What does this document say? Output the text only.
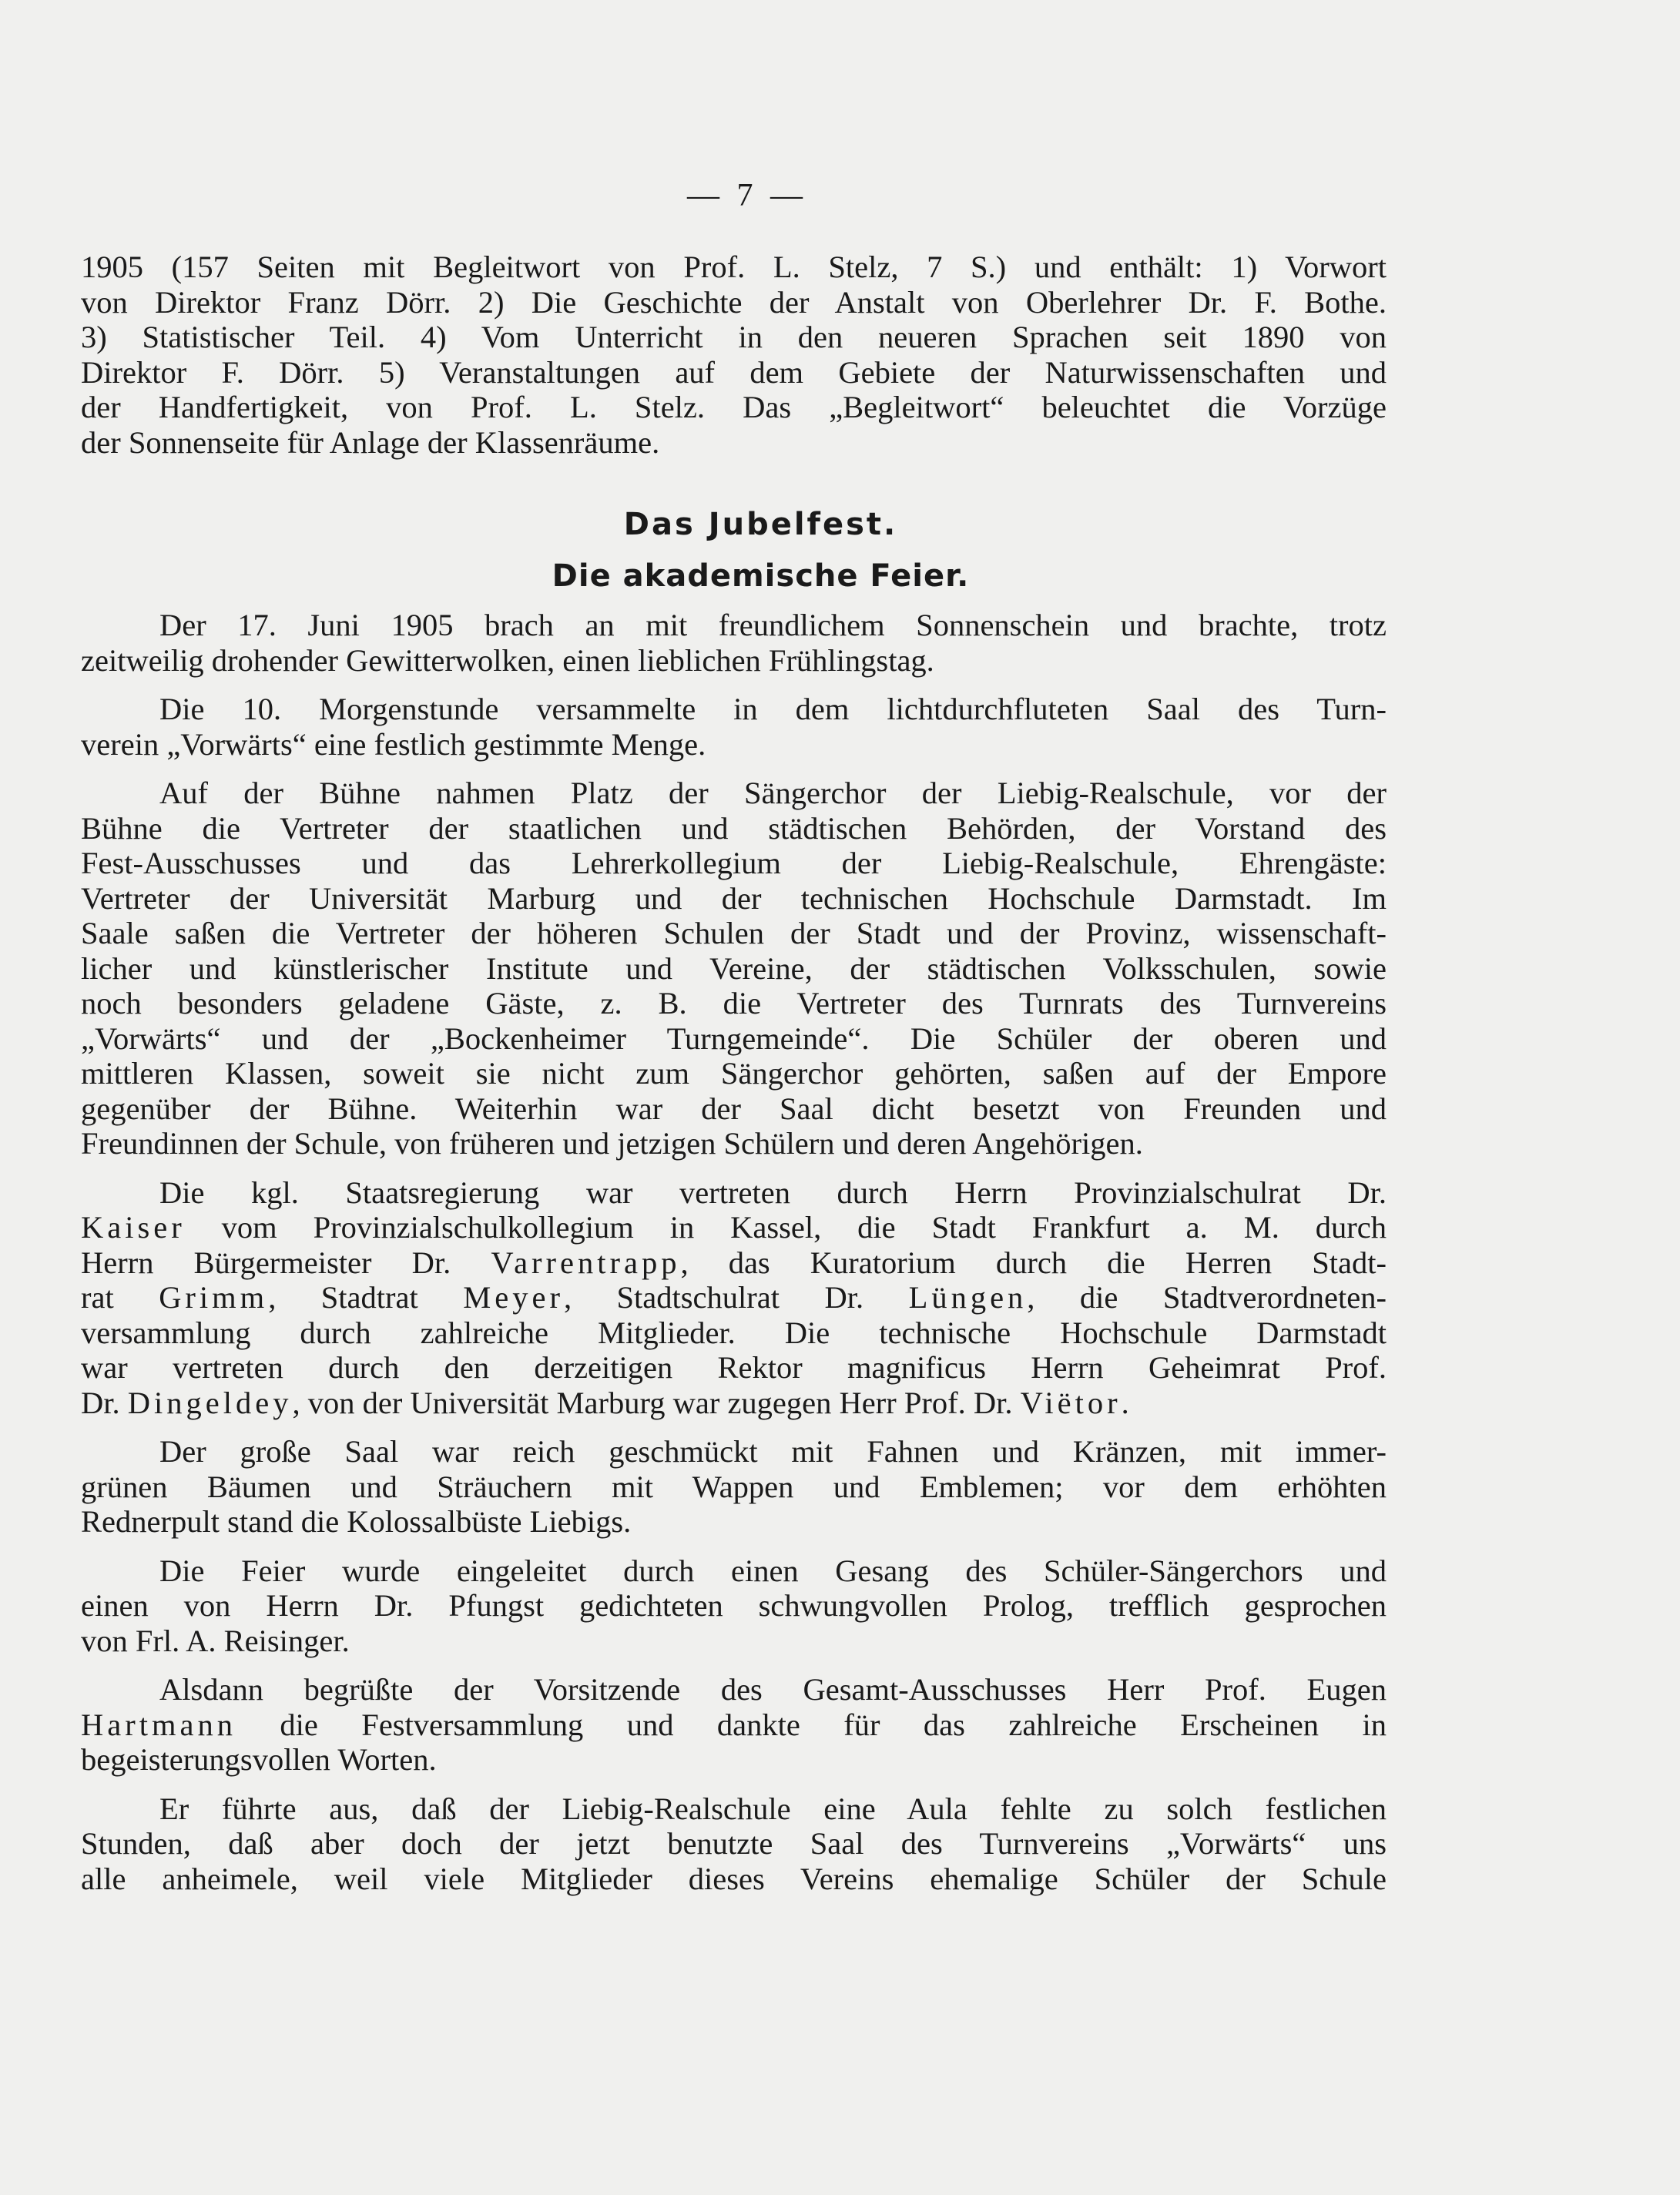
— 7 —

1905 (157 Seiten mit Begleitwort von Prof. L. Stelz, 7 S.) und enthält: 1) Vorwort
von Direktor Franz Dörr. 2) Die Geschichte der Anstalt von Oberlehrer Dr. F. Bothe.
3) Statistischer Teil. 4) Vom Unterricht in den neueren Sprachen seit 1890 von
Direktor F. Dörr. 5) Veranstaltungen auf dem Gebiete der Naturwissenschaften und
der Handfertigkeit, von Prof. L. Stelz. Das „Begleitwort“ beleuchtet die Vorzüge
der Sonnenseite für Anlage der Klassenräume.

Das Jubelfest.
Die akademische Feier.

Der 17. Juni 1905 brach an mit freundlichem Sonnenschein und brachte, trotz
zeitweilig drohender Gewitterwolken, einen lieblichen Frühlingstag.

Die 10. Morgenstunde versammelte in dem lichtdurchfluteten Saal des Turn-
verein „Vorwärts“ eine festlich gestimmte Menge.

Auf der Bühne nahmen Platz der Sängerchor der Liebig-Realschule, vor der
Bühne die Vertreter der staatlichen und städtischen Behörden, der Vorstand des
Fest-Ausschusses und das Lehrerkollegium der Liebig-Realschule, Ehrengäste:
Vertreter der Universität Marburg und der technischen Hochschule Darmstadt. Im
Saale saßen die Vertreter der höheren Schulen der Stadt und der Provinz, wissenschaft-
licher und künstlerischer Institute und Vereine, der städtischen Volksschulen, sowie
noch besonders geladene Gäste, z. B. die Vertreter des Turnrats des Turnvereins
„Vorwärts“ und der „Bockenheimer Turngemeinde“. Die Schüler der oberen und
mittleren Klassen, soweit sie nicht zum Sängerchor gehörten, saßen auf der Empore
gegenüber der Bühne. Weiterhin war der Saal dicht besetzt von Freunden und
Freundinnen der Schule, von früheren und jetzigen Schülern und deren Angehörigen.

Die kgl. Staatsregierung war vertreten durch Herrn Provinzialschulrat Dr.
Kaiser vom Provinzialschulkollegium in Kassel, die Stadt Frankfurt a. M. durch
Herrn Bürgermeister Dr. Varrentrapp, das Kuratorium durch die Herren Stadt-
rat Grimm, Stadtrat Meyer, Stadtschulrat Dr. Lüngen, die Stadtverordneten-
versammlung durch zahlreiche Mitglieder. Die technische Hochschule Darmstadt
war vertreten durch den derzeitigen Rektor magnificus Herrn Geheimrat Prof.
Dr. Dingeldey, von der Universität Marburg war zugegen Herr Prof. Dr. Viëtor.

Der große Saal war reich geschmückt mit Fahnen und Kränzen, mit immer-
grünen Bäumen und Sträuchern mit Wappen und Emblemen; vor dem erhöhten
Rednerpult stand die Kolossalbüste Liebigs.

Die Feier wurde eingeleitet durch einen Gesang des Schüler-Sängerchors und
einen von Herrn Dr. Pfungst gedichteten schwungvollen Prolog, trefflich gesprochen
von Frl. A. Reisinger.

Alsdann begrüßte der Vorsitzende des Gesamt-Ausschusses Herr Prof. Eugen
Hartmann die Festversammlung und dankte für das zahlreiche Erscheinen in
begeisterungsvollen Worten.

Er führte aus, daß der Liebig-Realschule eine Aula fehlte zu solch festlichen
Stunden, daß aber doch der jetzt benutzte Saal des Turnvereins „Vorwärts“ uns
alle anheimele, weil viele Mitglieder dieses Vereins ehemalige Schüler der Schule
